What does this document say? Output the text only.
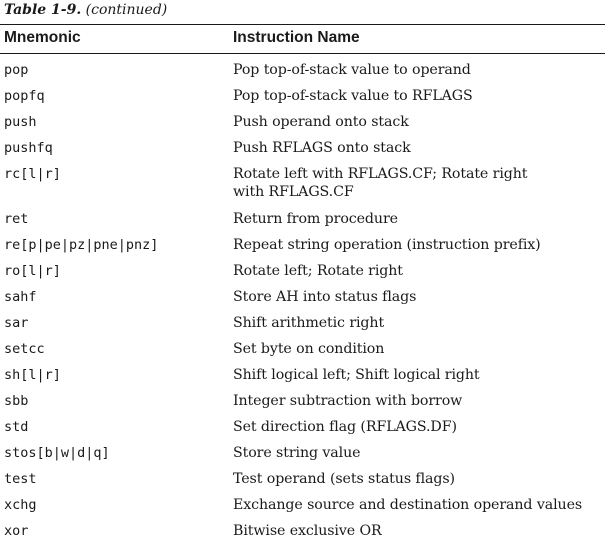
Table 1-9. (continued)
Mnemonic	Instruction Name
pop	Pop top-of-stack value to operand
popfq	Pop top-of-stack value to RFLAGS
push	Push operand onto stack
pushfq	Push RFLAGS onto stack
rc[l|r]	Rotate left with RFLAGS.CF; Rotate right with RFLAGS.CF
ret	Return from procedure
re[p|pe|pz|pne|pnz]	Repeat string operation (instruction prefix)
ro[l|r]	Rotate left; Rotate right
sahf	Store AH into status flags
sar	Shift arithmetic right
setcc	Set byte on condition
sh[l|r]	Shift logical left; Shift logical right
sbb	Integer subtraction with borrow
std	Set direction flag (RFLAGS.DF)
stos[b|w|d|q]	Store string value
test	Test operand (sets status flags)
xchg	Exchange source and destination operand values
xor	Bitwise exclusive OR
